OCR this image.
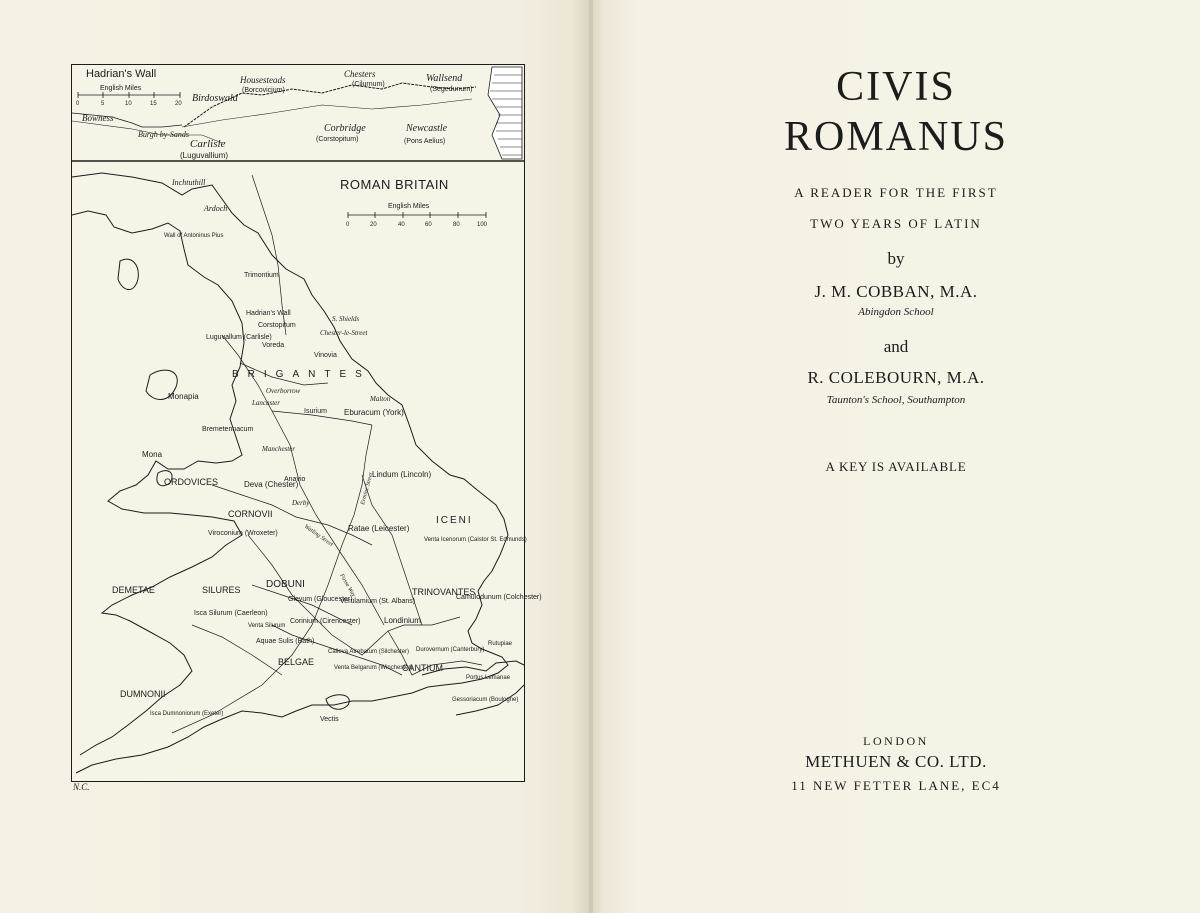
Hadrian's Wall
English Miles
0	5	10	15	20
Housesteads
(Borcovicium)
Chesters
(Cilurnum)
Wallsend
(Segedunum)
Birdoswald
Bowness
Burgh by-Sands
Carlisle
(Luguvallium)
Corbridge
(Corstopitum)
Newcastle
(Pons Aelius)
ROMAN BRITAIN
English Miles
0	20	40	60	80	100
BRIGANTES
ORDOVICES
CORNOVII
DEMETAE	SILURES	DOBUNI
ICENI
TRINOVANTES
BELGAE
CANTIUM
DUMNONII
Inchtuthill
Ardoch
Wall of Antoninus Pius
Trimontium
Hadrian's Wall
Corstopitum
S. Shields
Chester-le-Street
Luguvallum (Carlisle)
Voreda
Vinovia
Monapia
Overborrow
Lancaster
Isurium Eburacum (York)
Malton
Bremetennacum
Mona
Manchester
Deva (Chester)
Anavio
Derby
Lindum (Lincoln)
Ratae (Leicester)
Viroconium (Wroxeter)
Venta Icenorum (Caistor St. Edmunds)
Glevum (Gloucester)
Verulamium (St. Albans)
Camulodunum (Colchester)
Isca Silurum (Caerleon)
Venta Silurum
Corinium (Cirencester)	Londinium
Aquae Sulis (Bath)
Calleva Atrebatum (Silchester)
Venta Belgarum (Winchester)
Durovernum (Canterbury)
Rutupiae
Portus Lemanae
Gessoriacum (Boulogne)
Isca Dumnoniorum (Exeter)
Vectis
Ermine Street
Fosse Way
Watling Street
N.C.
CIVIS
ROMANUS
A READER FOR THE FIRST
TWO YEARS OF LATIN
by
J. M. COBBAN, M.A.
Abingdon School
and
R. COLEBOURN, M.A.
Taunton's School, Southampton
A KEY IS AVAILABLE
LONDON
METHUEN & CO. LTD.
11 NEW FETTER LANE, EC4
